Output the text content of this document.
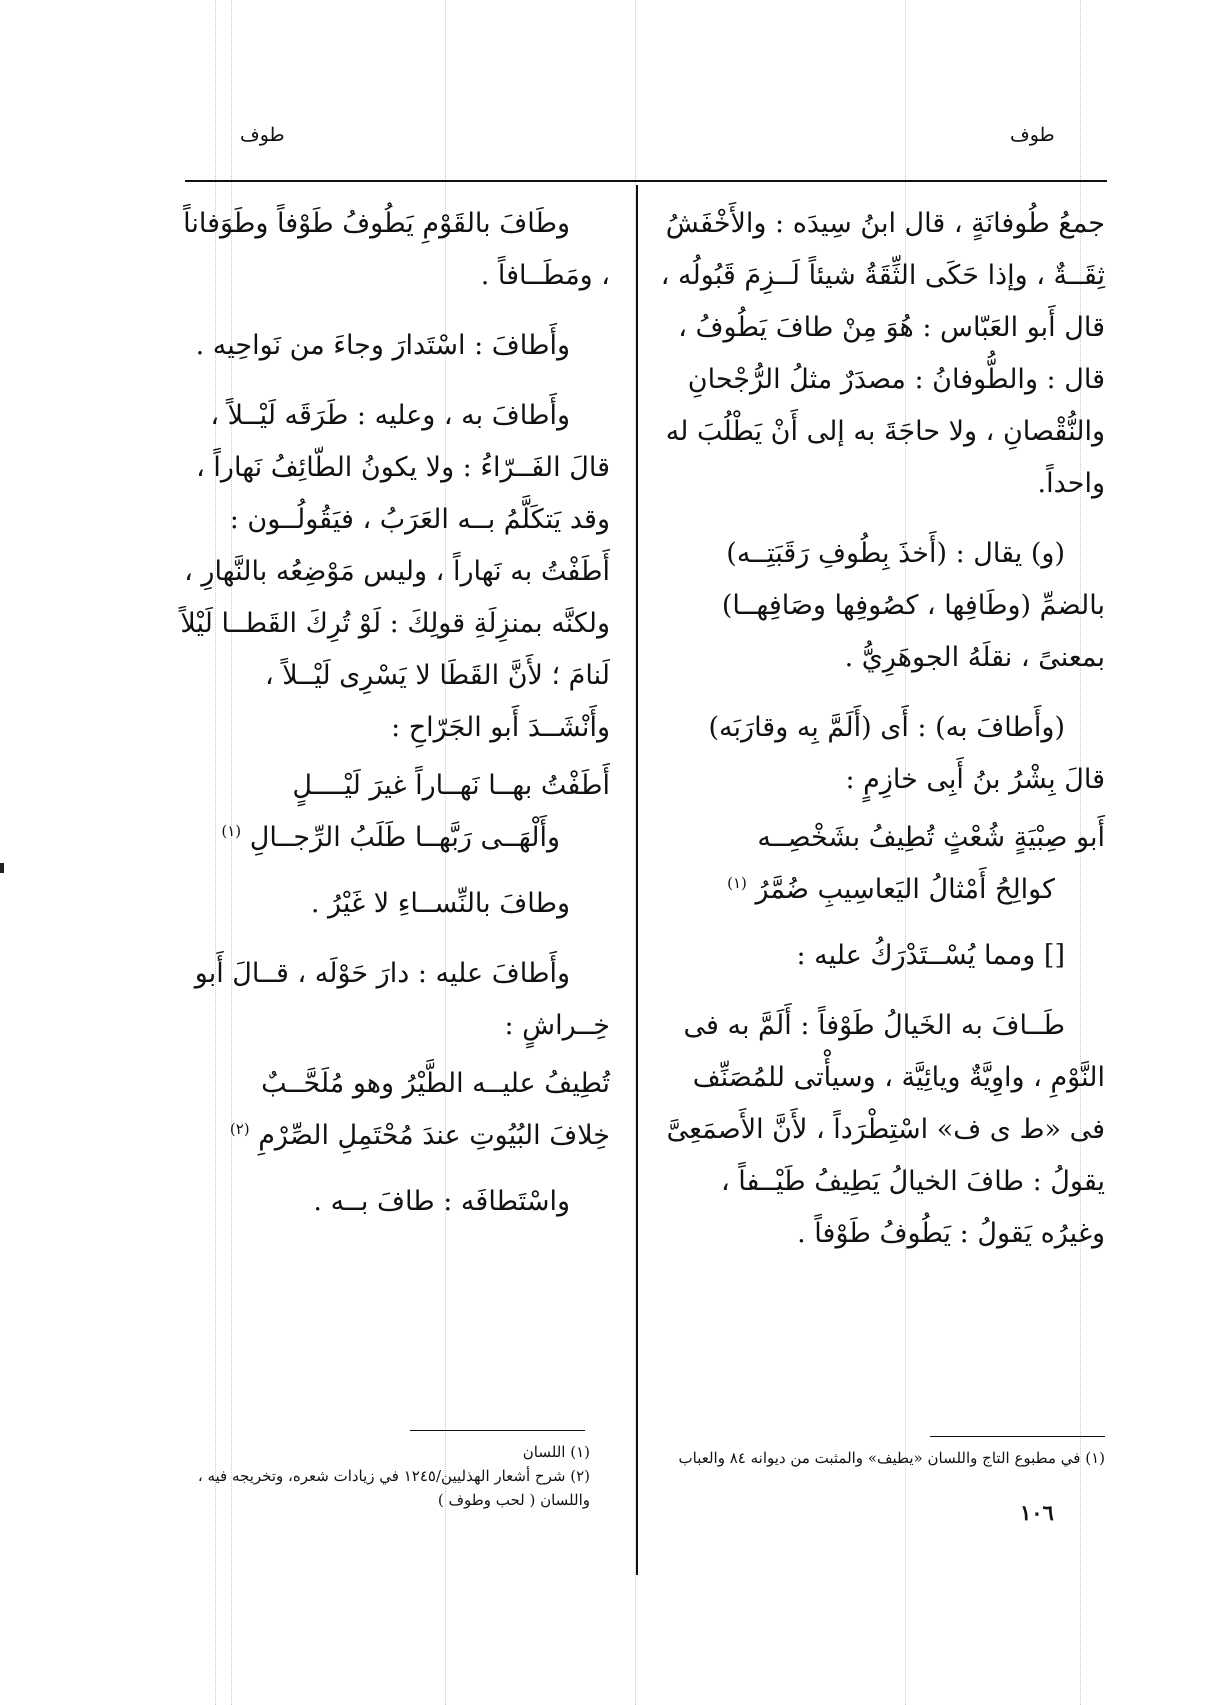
طوف	طوف

جمعُ طُوفانَةٍ ، قال ابنُ سِيدَه : والأَخْفَشُ ثِقَــةٌ ، وإذا حَكَى الثِّقَةُ شيئاً لَــزِمَ قَبُولُه ، قال أَبو العَبّاس : هُوَ مِنْ طافَ يَطُوفُ ، قال : والطُّوفانُ : مصدَرٌ مثلُ الرُّجْحانِ والنُّقْصانِ ، ولا حاجَةَ به إلى أَنْ يَطْلُبَ له واحداً.

(و) يقال : (أَخذَ بِطُوفِ رَقَبَتِــه) بالضمِّ (وطَافِها ، كصُوفِها وصَافِهــا) بمعنىً ، نقلَهُ الجوهَرِيُّ .

(وأَطافَ به) : أَى (أَلَمَّ بِه وقارَبَه) قالَ بِشْرُ بنُ أَبِى خازِمٍ :

أَبو صِبْيَةٍ شُعْثٍ تُطِيفُ بشَخْصِــه
كوالِحُ أَمْثالُ اليَعاسِيبِ ضُمَّرُ $^{(١)}$

[] ومما يُسْــتَدْرَكُ عليه :

طَــافَ به الخَيالُ طَوْفاً : أَلَمَّ به فى النَّوْمِ ، واوِيَّةٌ ويائِيَّة ، وسيأْتى للمُصَنِّف فى «ط ى ف» اسْتِطْرَداً ، لأَنَّ الأَصمَعِىَّ يقولُ : طافَ الخيالُ يَطِيفُ طَيْــفاً ، وغيرُه يَقولُ : يَطُوفُ طَوْفاً .

وطَافَ بالقَوْمِ يَطُوفُ طَوْفاً وطَوَفاناً ، ومَطَــافاً .

وأَطافَ : اسْتَدارَ وجاءَ من نَواحِيه .

وأَطافَ به ، وعليه : طَرَقَه لَيْــلاً ، قالَ الفَــرّاءُ : ولا يكونُ الطّائِفُ نَهاراً ، وقد يَتكَلَّمُ بــه العَرَبُ ، فيَقُولُــون : أَطَفْتُ به نَهاراً ، وليس مَوْضِعُه بالنَّهارِ ، ولكنَّه بمنزِلَةِ قولِكَ : لَوْ تُرِكَ القَطــا لَيْلاً لَنامَ ؛ لأَنَّ القَطَا لا يَسْرِى لَيْــلاً ، وأَنْشَــدَ أَبو الجَرّاحِ :

أَطَفْتُ بهــا نَهــاراً غيرَ لَيْــــلٍ
وأَلْهَــى رَبَّهــا طَلَبُ الرِّجــالِ $^{(١)}$

وطافَ بالنِّســاءِ لا غَيْرُ .

وأَطافَ عليه : دارَ حَوْلَه ، قــالَ أَبو خِــراشٍ :

تُطِيفُ عليــه الطَّيْرُ وهو مُلَحَّــبٌ
خِلافَ البُيُوتِ عندَ مُحْتَمِلِ الصِّرْمِ $^{(٢)}$

واسْتَطافَه : طافَ بــه .

(١) اللسان

(٢) شرح أشعار الهذليين/١٢٤٥ في زيادات شعره، وتخريجه فيه ، واللسان ( لحب وطوف )

(١) في مطبوع التاج واللسان «يطيف» والمثبت من ديوانه ٨٤ والعباب

١٠٦
